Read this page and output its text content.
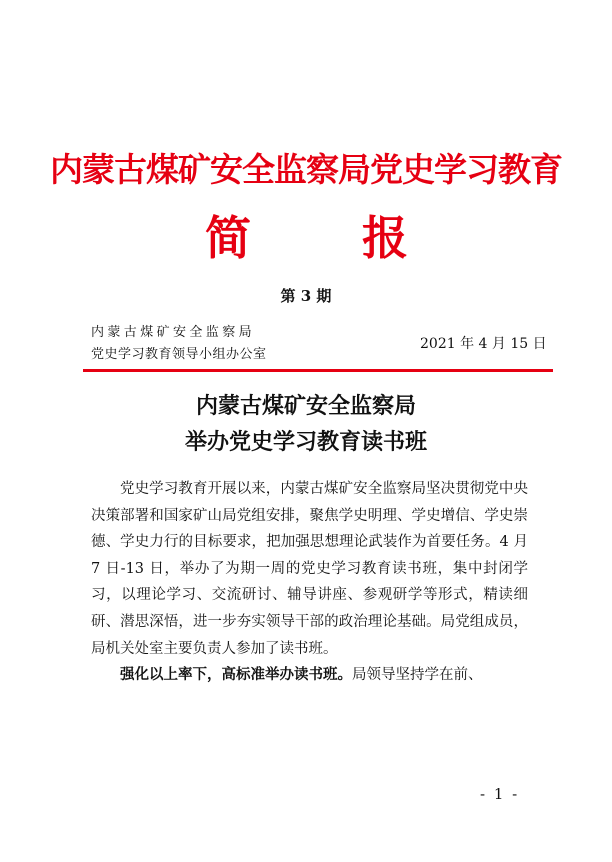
内蒙古煤矿安全监察局党史学习教育
简 报
第 3 期
内蒙古煤矿安全监察局
党史学习教育领导小组办公室
2021 年 4 月 15 日
内蒙古煤矿安全监察局
举办党史学习教育读书班

党史学习教育开展以来，内蒙古煤矿安全监察局坚决贯彻党中央决策部署和国家矿山局党组安排，聚焦学史明理、学史增信、学史崇德、学史力行的目标要求，把加强思想理论武装作为首要任务。4 月 7 日-13 日，举办了为期一周的党史学习教育读书班，集中封闭学习，以理论学习、交流研讨、辅导讲座、参观研学等形式，精读细研、潜思深悟，进一步夯实领导干部的政治理论基础。局党组成员，局机关处室主要负责人参加了读书班。

强化以上率下，高标准举办读书班。局领导坚持学在前、

- 1 -
